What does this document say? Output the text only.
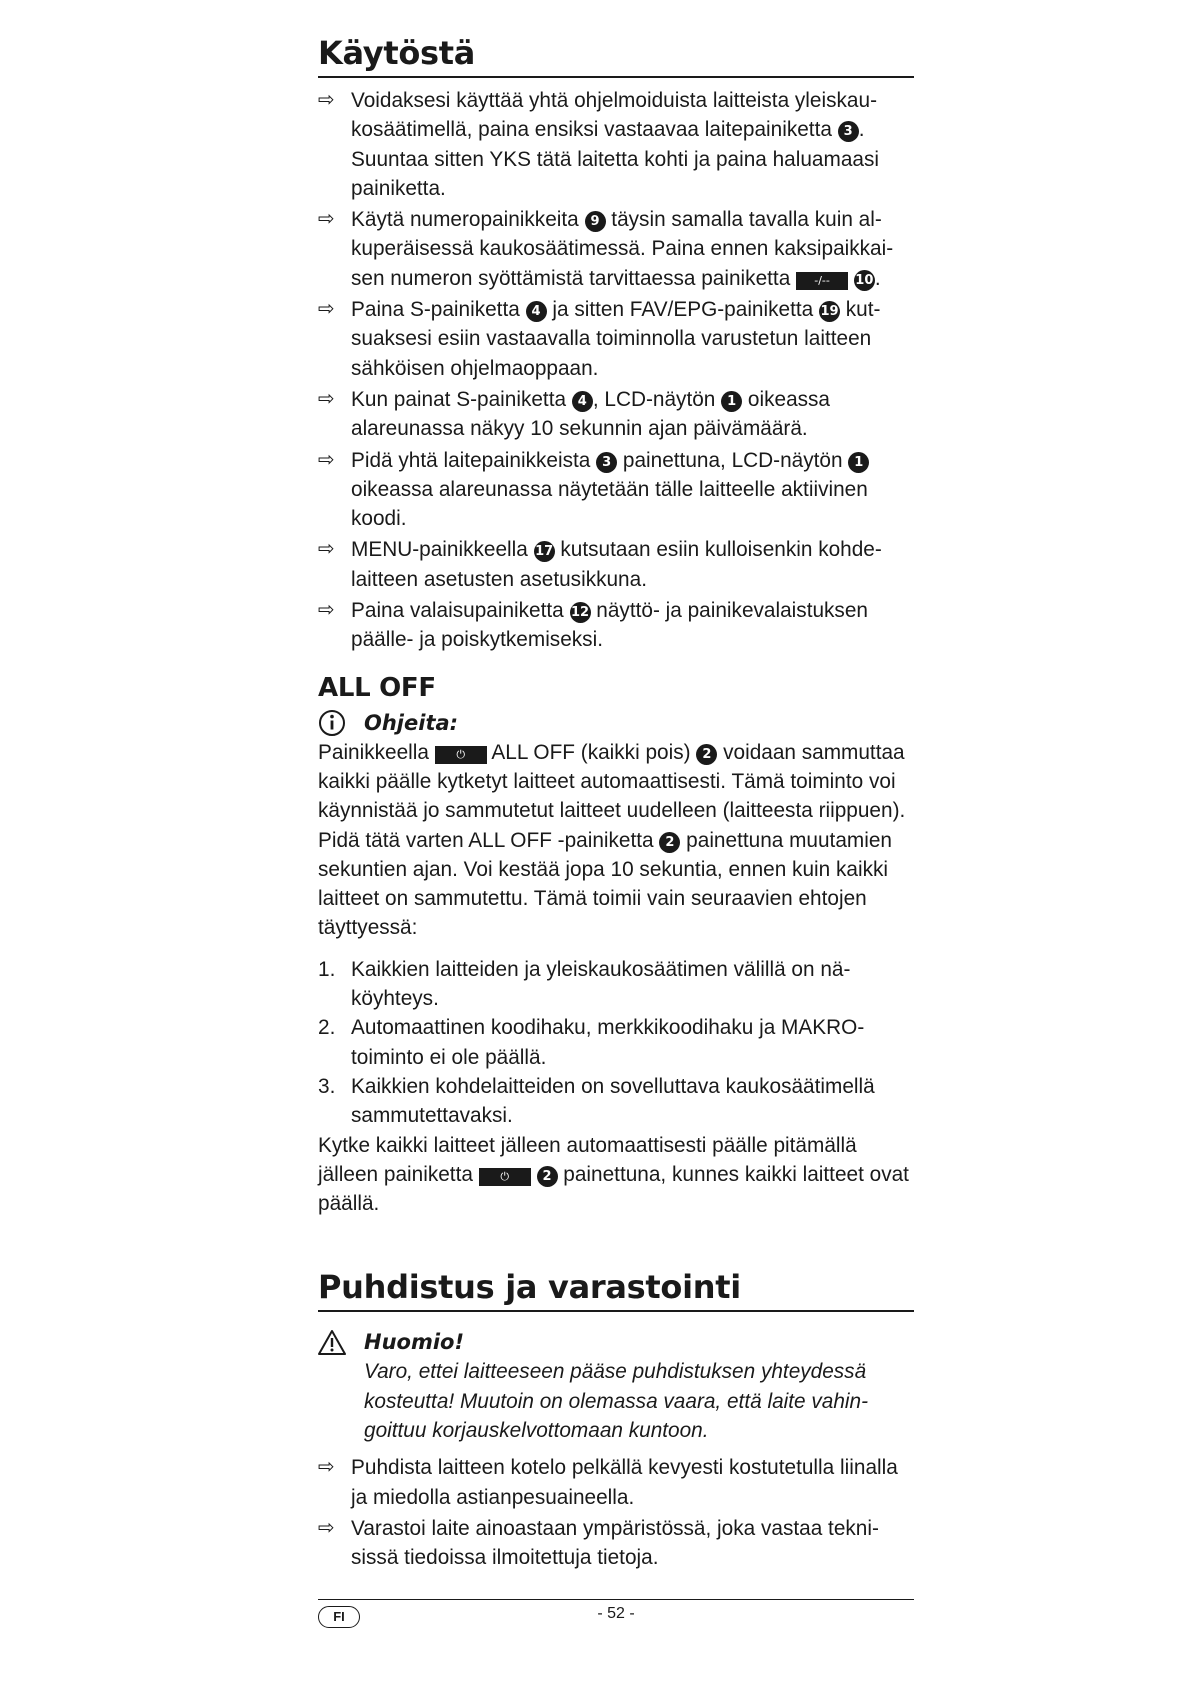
Käytöstä
⇨ Voidaksesi käyttää yhtä ohjelmoiduista laitteista yleiskaukosäätimellä, paina ensiksi vastaavaa laitepainiketta 3 . Suuntaa sitten YKS tätä laitetta kohti ja paina haluamaasi painiketta.
⇨ Käytä numeropainikkeita 9 täysin samalla tavalla kuin alkuperäisessä kaukosäätimessä. Paina ennen kaksipaikkaisen numeron syöttämistä tarvittaessa painiketta -/-- 10.
⇨ Paina S-painiketta 4 ja sitten FAV/EPG-painiketta 19 kutsuaksesi esiin vastaavalla toiminnolla varustetun laitteen sähköisen ohjelmaoppaan.
⇨ Kun painat S-painiketta 4 , LCD-näytön 1 oikeassa alareunassa näkyy 10 sekunnin ajan päivämäärä.
⇨ Pidä yhtä laitepainikkeista 3 painettuna, LCD-näytön 1 oikeassa alareunassa näytetään tälle laitteelle aktiivinen koodi.
⇨ MENU-painikkeella 17 kutsutaan esiin kulloisenkin kohdelaitteen asetusten asetusikkuna.
⇨ Paina valaisupainiketta 12 näyttö- ja painikevalaistuksen päälle- ja poiskytkemiseksi.
ALL OFF
Ohjeita:

Painikkeella ⏻ ALL OFF (kaikki pois) 2 voidaan sammuttaa kaikki päälle kytketyt laitteet automaattisesti. Tämä toiminto voi käynnistää jo sammutetut laitteet uudelleen (laitteesta riippuen). Pidä tätä varten ALL OFF -painiketta 2 painettuna muutamien sekuntien ajan. Voi kestää jopa 10 sekuntia, ennen kuin kaikki laitteet on sammutettu. Tämä toimii vain seuraavien ehtojen täyttyessä:

1. Kaikkien laitteiden ja yleiskaukosäätimen välillä on näköyhteys.
2. Automaattinen koodihaku, merkkikoodihaku ja MAKRO-toiminto ei ole päällä.
3. Kaikkien kohdelaitteiden on sovelluttava kaukosäätimellä sammutettavaksi.

Kytke kaikki laitteet jälleen automaattisesti päälle pitämällä jälleen painiketta ⏻	2 painettuna, kunnes kaikki laitteet ovat päällä.

Puhdistus ja varastointi
Huomio!
Varo, ettei laitteeseen pääse puhdistuksen yhteydessä kosteutta! Muutoin on olemassa vaara, että laite vahingoittuu korjauskelvottomaan kuntoon.
⇨ Puhdista laitteen kotelo pelkällä kevyesti kostutetulla liinalla ja miedolla astianpesuaineella.
⇨ Varastoi laite ainoastaan ympäristössä, joka vastaa teknisissä tiedoissa ilmoitettuja tietoja.
FI	- 52 -
